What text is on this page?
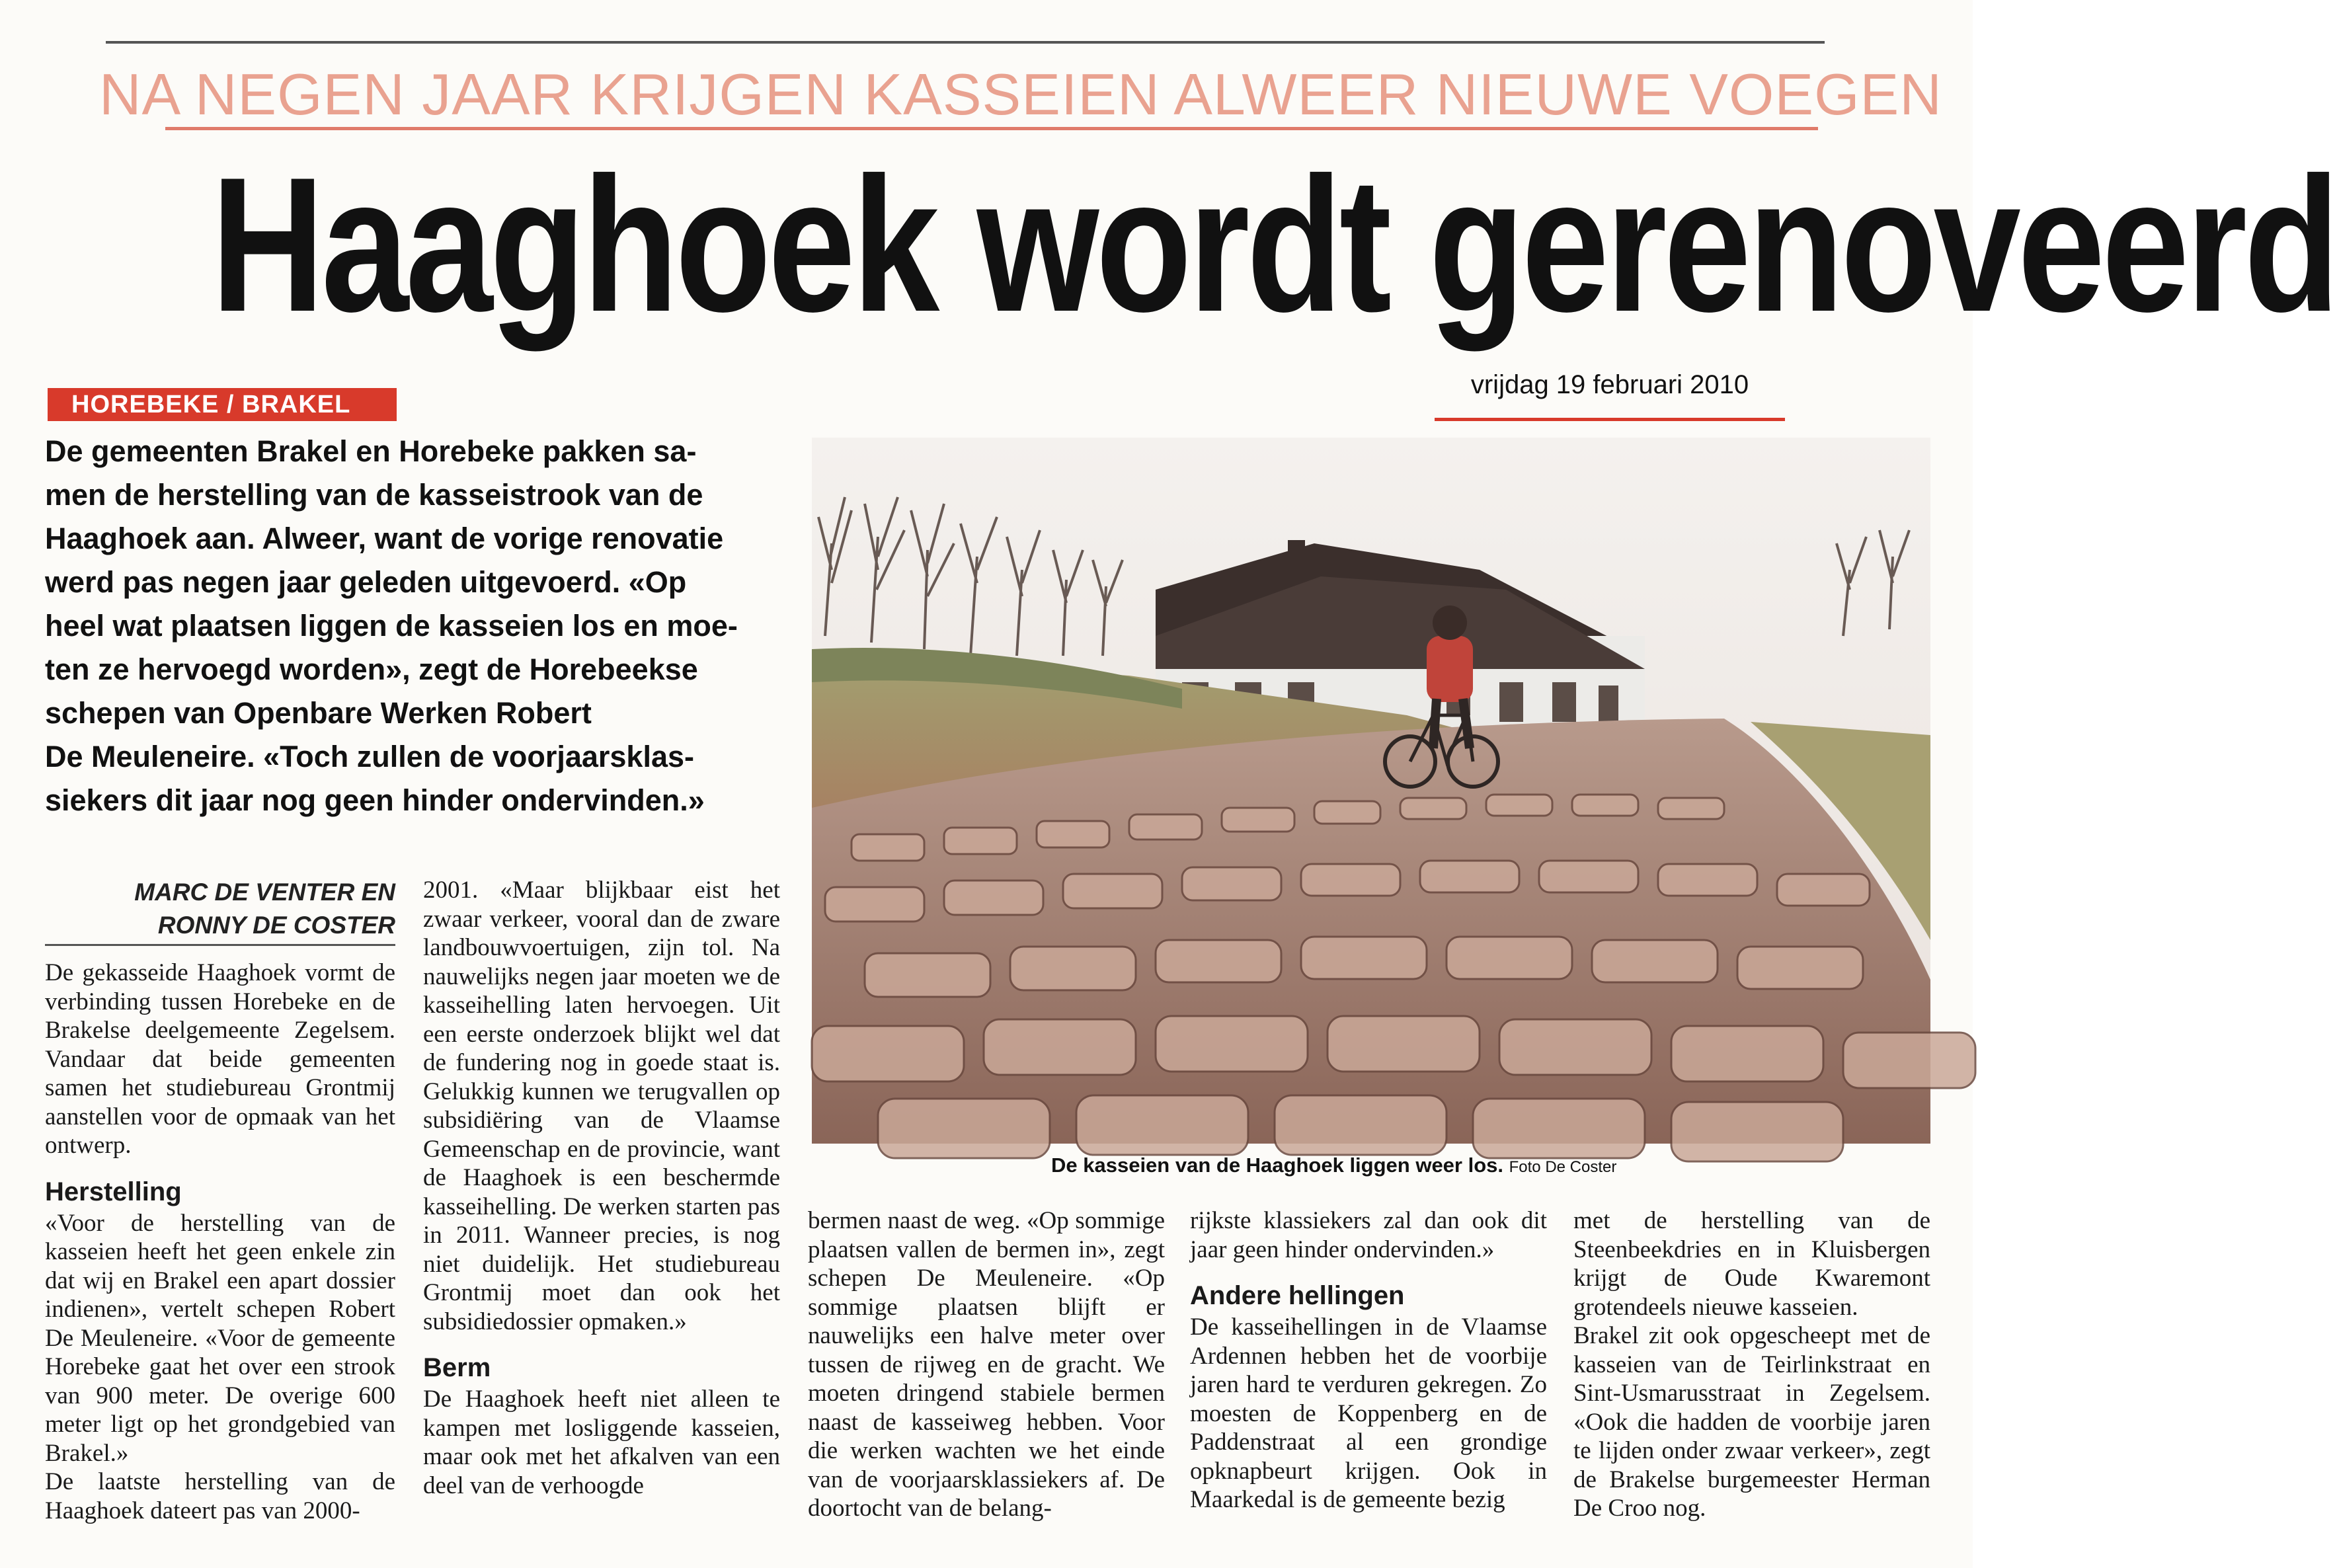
NA NEGEN JAAR KRIJGEN KASSEIEN ALWEER NIEUWE VOEGEN
Haaghoek wordt gerenoveerd
HOREBEKE / BRAKEL
vrijdag 19 februari 2010

De gemeenten Brakel en Horebeke pakken sa-

men de herstelling van de kasseistrook van de

Haaghoek aan. Alweer, want de vorige renovatie

werd pas negen jaar geleden uitgevoerd. «Op

heel wat plaatsen liggen de kasseien los en moe-

ten ze hervoegd worden», zegt de Horebeekse

schepen van Openbare Werken Robert

De Meuleneire. «Toch zullen de voorjaarsklas-

siekers dit jaar nog geen hinder ondervinden.»

MARC DE VENTER EN
RONNY DE COSTER
De kasseien van de Haaghoek liggen weer los. Foto De Coster

De gekasseide Haaghoek vormt de verbinding tussen Horebeke en de Brakelse deelgemeente Zegelsem. Vandaar dat beide gemeenten samen het studiebureau Grontmij aanstellen voor de opmaak van het ontwerp.

Herstelling

«Voor de herstelling van de kasseien heeft het geen enkele zin dat wij en Brakel een apart dossier indienen», vertelt schepen Robert De Meuleneire. «Voor de gemeente Horebeke gaat het over een strook van 900 meter. De overige 600 meter ligt op het grondgebied van Brakel.»

De laatste herstelling van de Haaghoek dateert pas van 2000-

2001. «Maar blijkbaar eist het zwaar verkeer, vooral dan de zware landbouwvoertuigen, zijn tol. Na nauwelijks negen jaar moeten we de kasseihelling laten hervoegen. Uit een eerste onderzoek blijkt wel dat de fundering nog in goede staat is. Gelukkig kunnen we terugvallen op subsidiëring van de Vlaamse Gemeenschap en de provincie, want de Haaghoek is een beschermde kasseihelling. De werken starten pas in 2011. Wanneer precies, is nog niet duidelijk. Het studiebureau Grontmij moet dan ook het subsidiedossier opmaken.»

Berm

De Haaghoek heeft niet alleen te kampen met losliggende kasseien, maar ook met het afkalven van een deel van de verhoogde

bermen naast de weg. «Op sommige plaatsen vallen de bermen in», zegt schepen De Meuleneire. «Op sommige plaatsen blijft er nauwelijks een halve meter over tussen de rijweg en de gracht. We moeten dringend stabiele bermen naast de kasseiweg hebben. Voor die werken wachten we het einde van de voorjaarsklassiekers af. De doortocht van de belang-

rijkste klassiekers zal dan ook dit jaar geen hinder ondervinden.»

Andere hellingen

De kasseihellingen in de Vlaamse Ardennen hebben het de voorbije jaren hard te verduren gekregen. Zo moesten de Koppenberg en de Paddenstraat al een grondige opknapbeurt krijgen. Ook in Maarkedal is de gemeente bezig

met de herstelling van de Steenbeekdries en in Kluisbergen krijgt de Oude Kwaremont grotendeels nieuwe kasseien.

Brakel zit ook opgescheept met de kasseien van de Teirlinkstraat en Sint-Usmarusstraat in Zegelsem. «Ook die hadden de voorbije jaren te lijden onder zwaar verkeer», zegt de Brakelse burgemeester Herman De Croo nog.
